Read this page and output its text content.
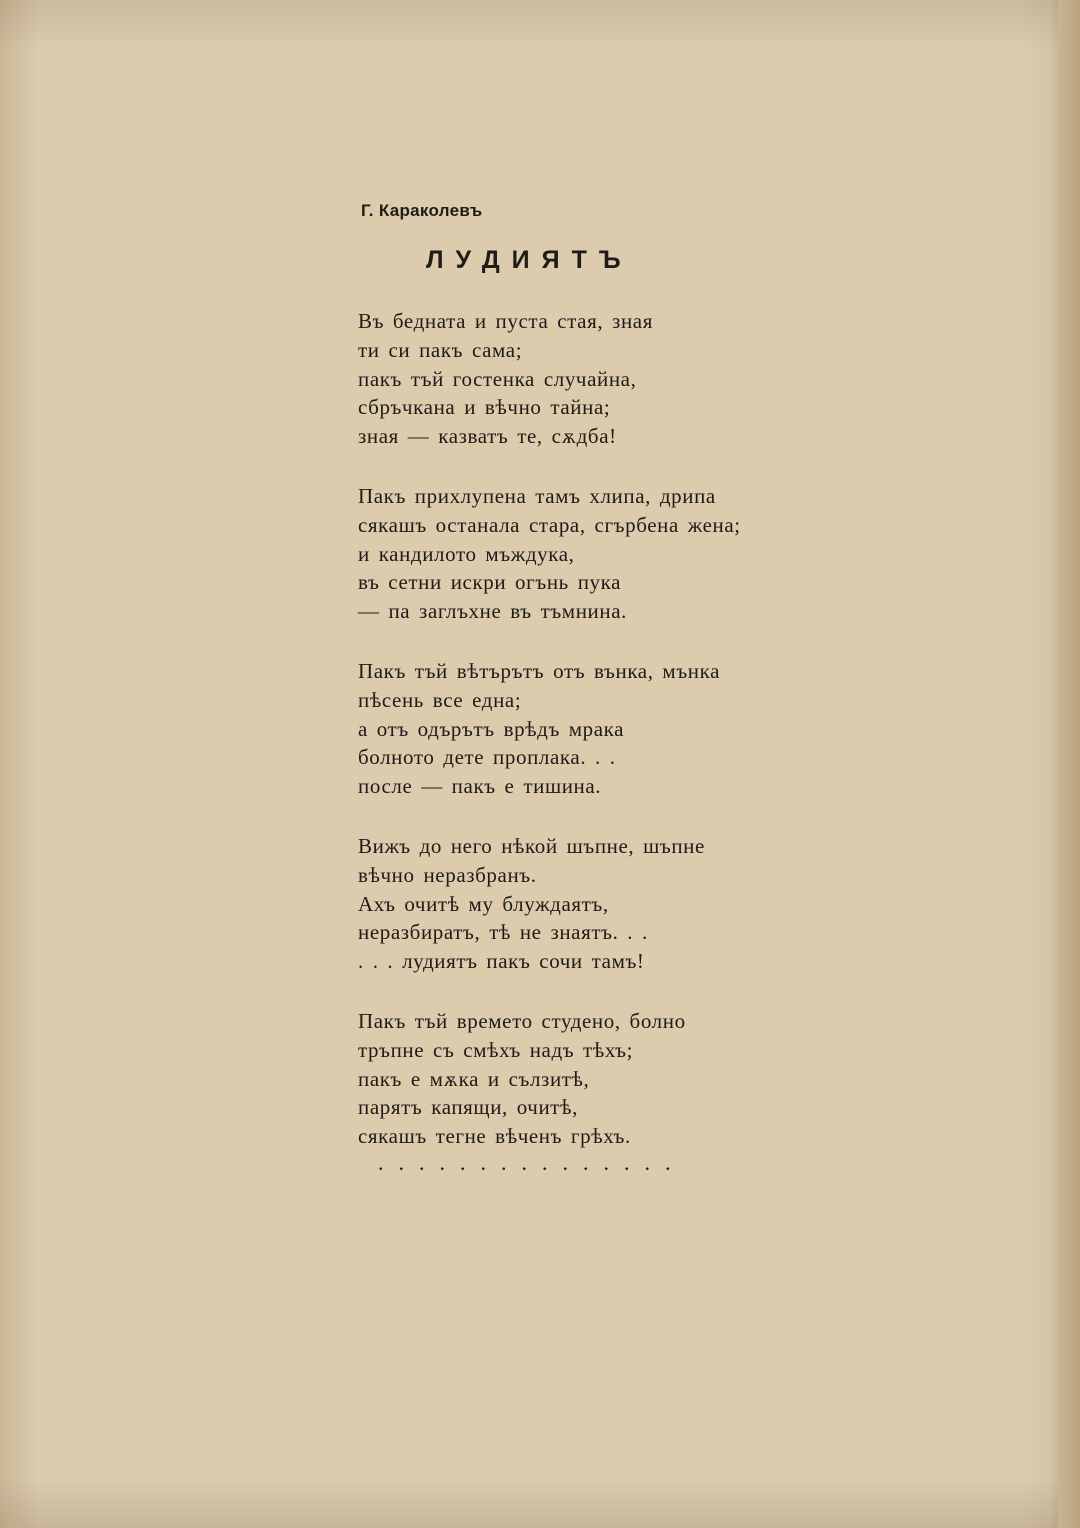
Г. Караколевъ
ЛУДИЯТЪ
Въ бедната и пуста стая, зная
ти си пакъ сама;
пакъ тъй гостенка случайна,
сбръчкана и вѣчно тайна;
зная — казватъ те, сѫдба!
Пакъ прихлупена тамъ хлипа, дрипа
сякашъ останала стара, сгърбена жена;
и кандилото мъждука,
въ сетни искри огънь пука
— па заглъхне въ тъмнина.
Пакъ тъй вѣтърътъ отъ вънка, мънка
пѣсень все една;
а отъ одърътъ врѣдъ мрака
болното дете проплака. . .
после — пакъ е тишина.
Вижъ до него нѣкой шъпне, шъпне
вѣчно неразбранъ.
Ахъ очитѣ му блуждаятъ,
неразбиратъ, тѣ не знаятъ. . .
. . . лудиятъ пакъ сочи тамъ!
Пакъ тъй времето студено, болно
тръпне съ смѣхъ надъ тѣхъ;
пакъ е мѫка и сълзитѣ,
парятъ капящи, очитѣ,
сякашъ тегне вѣченъ грѣхъ.
...............
